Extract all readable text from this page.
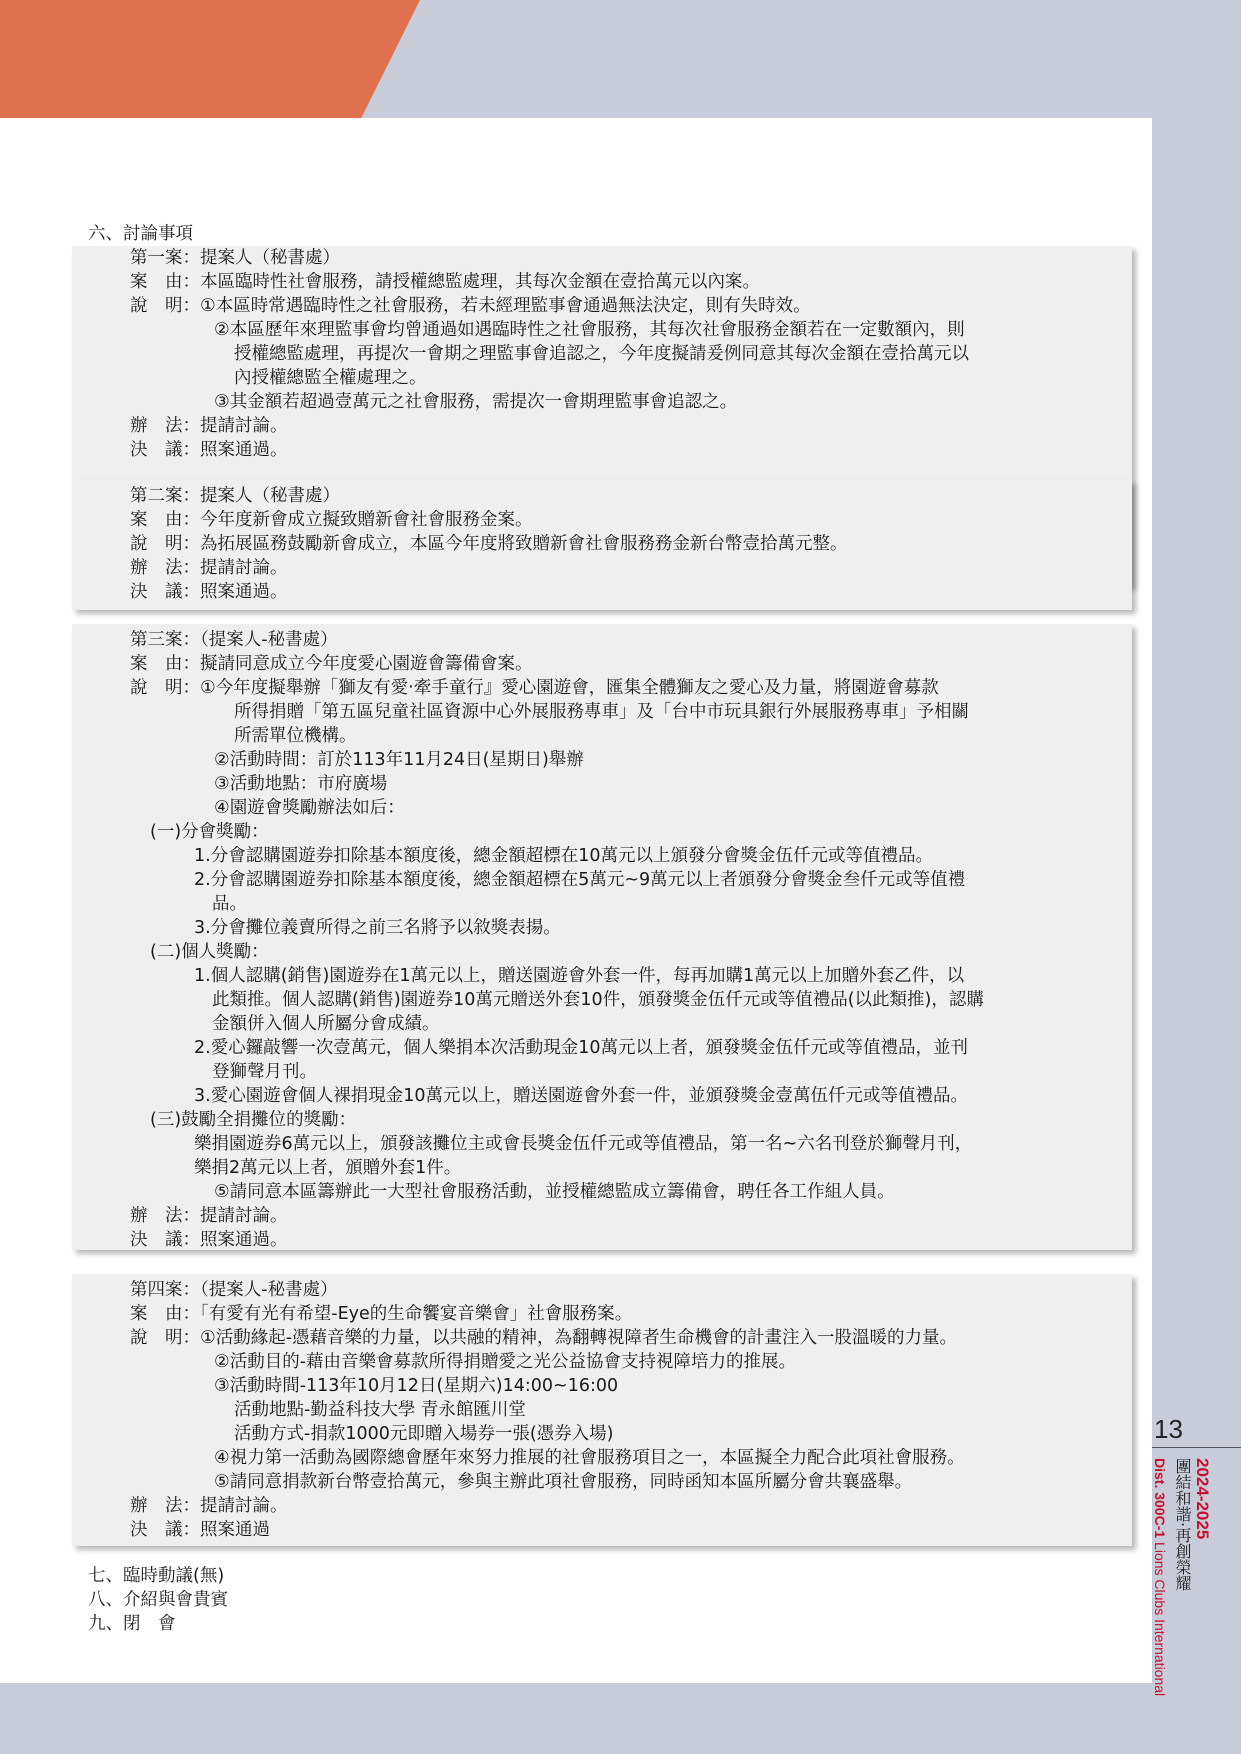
六、討論事項
第一案：提案人（秘書處）
案　由：本區臨時性社會服務，請授權總監處理，其每次金額在壹拾萬元以內案。
說　明：①本區時常遇臨時性之社會服務，若未經理監事會通過無法決定，則有失時效。
②本區歷年來理監事會均曾通過如遇臨時性之社會服務，其每次社會服務金額若在一定數額內，則
授權總監處理，再提次一會期之理監事會追認之，今年度擬請爰例同意其每次金額在壹拾萬元以
內授權總監全權處理之。
③其金額若超過壹萬元之社會服務，需提次一會期理監事會追認之。
辦　法：提請討論。
決　議：照案通過。
第二案：提案人（秘書處）
案　由：今年度新會成立擬致贈新會社會服務金案。
說　明：為拓展區務鼓勵新會成立，本區今年度將致贈新會社會服務務金新台幣壹拾萬元整。
辦　法：提請討論。
決　議：照案通過。
第三案：（提案人-秘書處）
案　由：擬請同意成立今年度愛心園遊會籌備會案。
說　明：①今年度擬舉辦「獅友有愛‧牽手童行』愛心園遊會，匯集全體獅友之愛心及力量，將園遊會募款
所得捐贈「第五區兒童社區資源中心外展服務專車」及「台中市玩具銀行外展服務專車」予相關
所需單位機構。
②活動時間：訂於113年11月24日(星期日)舉辦
③活動地點：市府廣場
④園遊會獎勵辦法如后：
(一)分會獎勵：
1.分會認購園遊券扣除基本額度後，總金額超標在10萬元以上頒發分會獎金伍仟元或等值禮品。
2.分會認購園遊券扣除基本額度後，總金額超標在5萬元~9萬元以上者頒發分會獎金叁仟元或等值禮
品。
3.分會攤位義賣所得之前三名將予以敘獎表揚。
(二)個人獎勵：
1.個人認購(銷售)園遊券在1萬元以上，贈送園遊會外套一件，每再加購1萬元以上加贈外套乙件，以
此類推。個人認購(銷售)園遊券10萬元贈送外套10件，頒發獎金伍仟元或等值禮品(以此類推)，認購
金額併入個人所屬分會成績。
2.愛心鑼敲響一次壹萬元，個人樂捐本次活動現金10萬元以上者，頒發獎金伍仟元或等值禮品，並刊
登獅聲月刊。
3.愛心園遊會個人裸捐現金10萬元以上，贈送園遊會外套一件，並頒發獎金壹萬伍仟元或等值禮品。
(三)鼓勵全捐攤位的獎勵：
樂捐園遊券6萬元以上，頒發該攤位主或會長獎金伍仟元或等值禮品，第一名~六名刊登於獅聲月刊，
樂捐2萬元以上者，頒贈外套1件。
⑤請同意本區籌辦此一大型社會服務活動，並授權總監成立籌備會，聘任各工作組人員。
辦　法：提請討論。
決　議：照案通過。
第四案：（提案人-秘書處）
案　由：「有愛有光有希望-Eye的生命饗宴音樂會」社會服務案。
說　明：①活動緣起-憑藉音樂的力量，以共融的精神，為翻轉視障者生命機會的計畫注入一股溫暖的力量。
②活動目的-藉由音樂會募款所得捐贈愛之光公益協會支持視障培力的推展。
③活動時間-113年10月12日(星期六)14:00~16:00
活動地點-勤益科技大學 青永館匯川堂
活動方式-捐款1000元即贈入場券一張(憑券入場)
④視力第一活動為國際總會歷年來努力推展的社會服務項目之一，本區擬全力配合此項社會服務。
⑤請同意捐款新台幣壹拾萬元，參與主辦此項社會服務，同時函知本區所屬分會共襄盛舉。
辦　法：提請討論。
決　議：照案通過
七、臨時動議(無)
八、介紹與會貴賓
九、閉　會
13
2024-2025
團結和諧‧再創榮耀
Dist. 300C-1 Lions Clubs International
